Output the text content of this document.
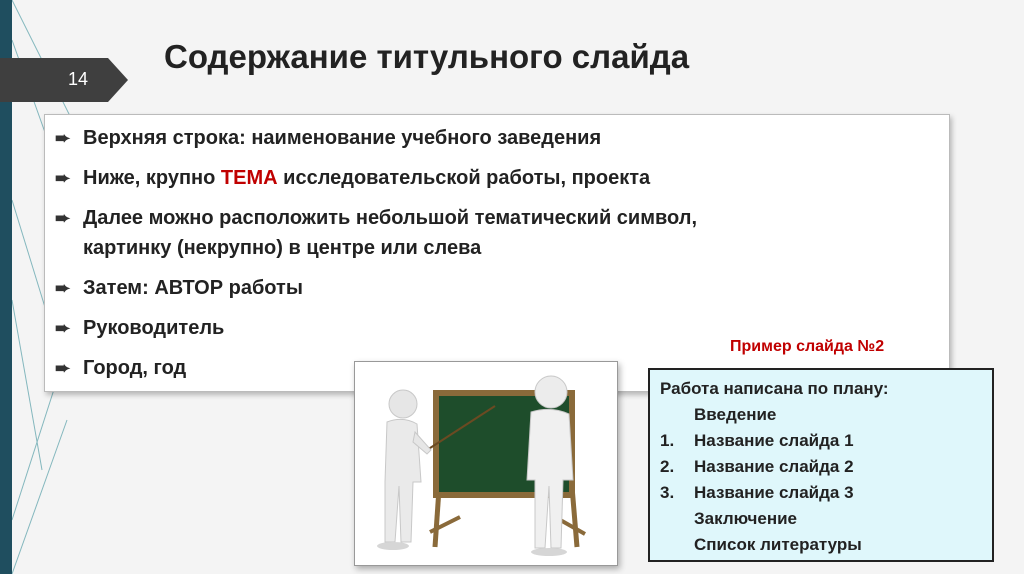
14
Содержание титульного слайда
➨ Верхняя строка: наименование учебного заведения
➨ Ниже, крупно ТЕМА исследовательской работы, проекта
➨ Далее можно расположить небольшой тематический символ,
картинку (некрупно) в центре или слева
➨ Затем: АВТОР работы
➨ Руководитель
➨ Город, год
Пример слайда №2
Работа написана по плану:
Введение
1. Название слайда 1
2. Название слайда 2
3. Название слайда 3
Заключение
Список литературы
